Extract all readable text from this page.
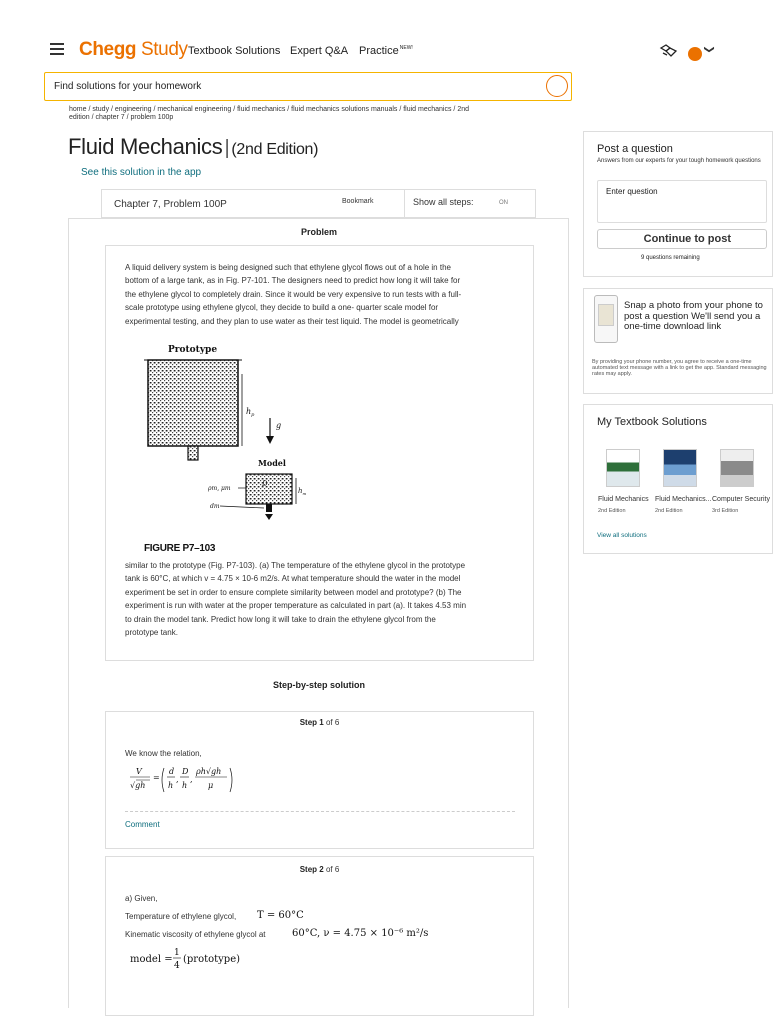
Chegg Study Textbook Solutions Expert Q&A Practice$^{NEW!}$	❯
Find solutions for your homework
home / study / engineering / mechanical engineering / fluid mechanics / fluid mechanics solutions manuals / fluid mechanics / 2nd edition / chapter 7 / problem 100p
Fluid Mechanics | (2nd Edition)
See this solution in the app
Chapter 7, Problem 100P	Bookmark	Show all steps:	ON
Problem
A liquid delivery system is being designed such that ethylene glycol flows out of a hole in the
bottom of a large tank, as in Fig. P7-101. The designers need to predict how long it will take for
the ethylene glycol to completely drain. Since it would be very expensive to run tests with a full-
scale prototype using ethylene glycol, they decide to build a one- quarter scale model for
experimental testing, and they plan to use water as their test liquid. The model is geometrically
Prototype
$h_p$
g
Model
D
$h_m$
ρm, μm
dm
FIGURE P7–103
similar to the prototype (Fig. P7-103). (a) The temperature of the ethylene glycol in the prototype
tank is 60°C, at which v = 4.75 × 10-6 m2/s. At what temperature should the water in the model
experiment be set in order to ensure complete similarity between model and prototype? (b) The
experiment is run with water at the proper temperature as calculated in part (a). It takes 4.53 min
to drain the model tank. Predict how long it will take to drain the ethylene glycol from the
prototype tank.
Step-by-step solution
Step 1 of 6
We know the relation,
V
√gh
=
d
h
,
D
h
,
ρh√gh
μ
Comment
Step 2 of 6
a) Given,
Temperature of ethylene glycol, T = 60°C
Kinematic viscosity of ethylene glycol at	60°C, ν = 4.75 × 10⁻⁶ m²/s
model =
1
4
(prototype)
Post a question
Answers from our experts for your tough homework questions
Enter question
Continue to post
9 questions remaining
Snap a photo from your phone to post a question We'll send you a one-time download link
By providing your phone number, you agree to receive a one-time automated text message with a link to get the app. Standard messaging rates may apply.
My Textbook Solutions
Fluid Mechanics
2nd Edition
Fluid Mechanics...
2nd Edition
Computer Security
3rd Edition
View all solutions
